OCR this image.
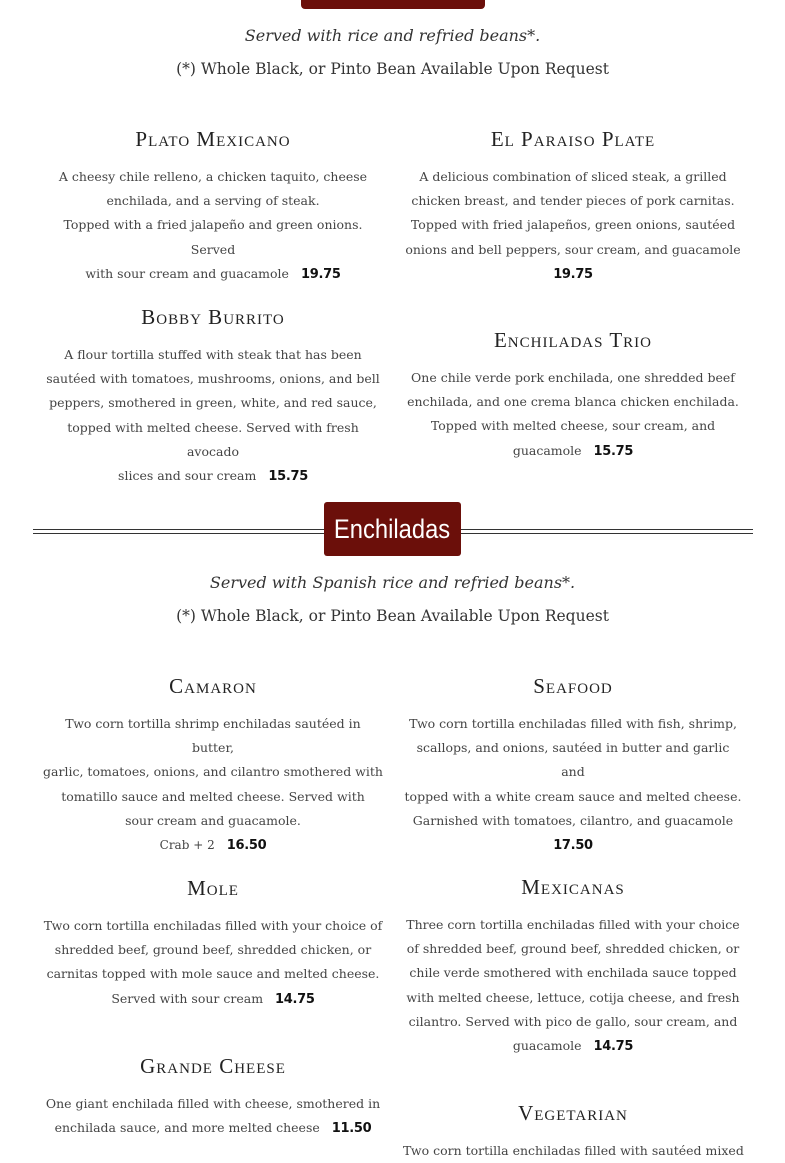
Served with rice and refried beans*.
(*) Whole Black, or Pinto Bean Available Upon Request
Plato Mexicano
A cheesy chile relleno, a chicken taquito, cheese
enchilada, and a serving of steak.
Topped with a fried jalapeño and green onions. Served
with sour cream and guacamole 19.75
El Paraiso Plate
A delicious combination of sliced steak, a grilled
chicken breast, and tender pieces of pork carnitas.
Topped with fried jalapeños, green onions, sautéed
onions and bell peppers, sour cream, and guacamole
19.75
Bobby Burrito
A flour tortilla stuffed with steak that has been
sautéed with tomatoes, mushrooms, onions, and bell
peppers, smothered in green, white, and red sauce,
topped with melted cheese. Served with fresh avocado
slices and sour cream 15.75
Enchiladas Trio
One chile verde pork enchilada, one shredded beef
enchilada, and one crema blanca chicken enchilada.
Topped with melted cheese, sour cream, and
guacamole 15.75
Enchiladas
Served with Spanish rice and refried beans*.
(*) Whole Black, or Pinto Bean Available Upon Request
Camaron
Two corn tortilla shrimp enchiladas sautéed in butter,
garlic, tomatoes, onions, and cilantro smothered with
tomatillo sauce and melted cheese. Served with
sour cream and guacamole.
Crab + 2 16.50
Seafood
Two corn tortilla enchiladas filled with fish, shrimp,
scallops, and onions, sautéed in butter and garlic and
topped with a white cream sauce and melted cheese.
Garnished with tomatoes, cilantro, and guacamole
17.50
Mole
Two corn tortilla enchiladas filled with your choice of
shredded beef, ground beef, shredded chicken, or
carnitas topped with mole sauce and melted cheese.
Served with sour cream 14.75
Mexicanas
Three corn tortilla enchiladas filled with your choice
of shredded beef, ground beef, shredded chicken, or
chile verde smothered with enchilada sauce topped
with melted cheese, lettuce, cotija cheese, and fresh
cilantro. Served with pico de gallo, sour cream, and
guacamole 14.75
Grande Cheese
One giant enchilada filled with cheese, smothered in
enchilada sauce, and more melted cheese 11.50
Vegetarian
Two corn tortilla enchiladas filled with sautéed mixed
